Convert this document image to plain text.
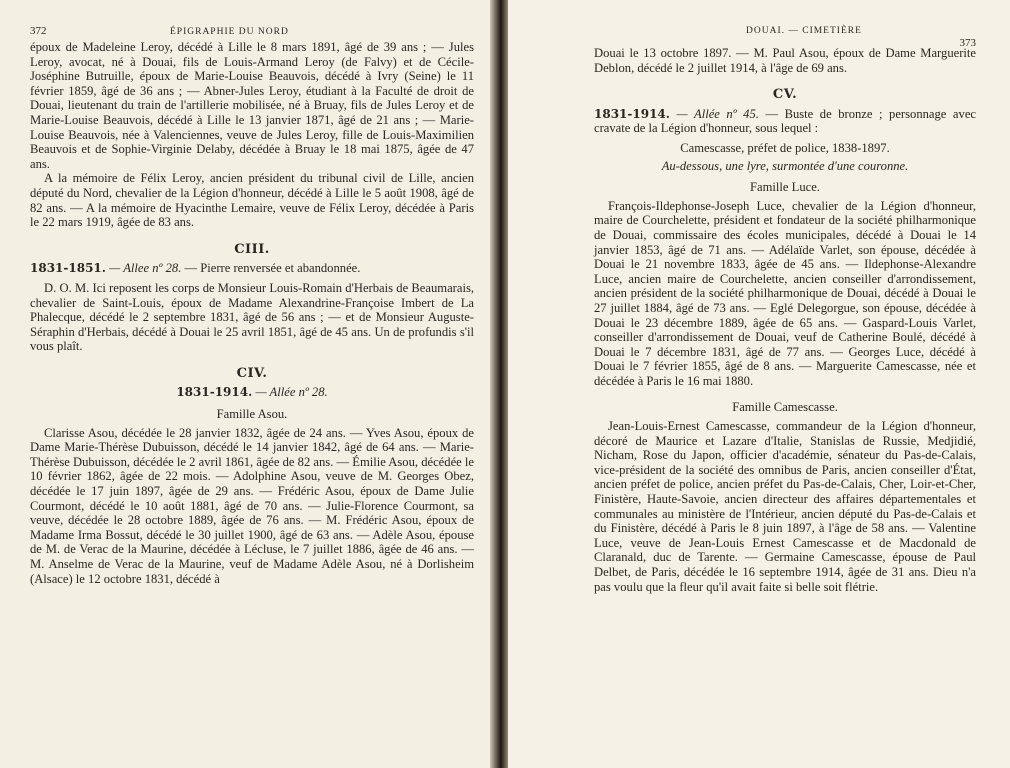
372	ÉPIGRAPHIE DU NORD

époux de Madeleine Leroy, décédé à Lille le 8 mars 1891, âgé de 39 ans ; — Jules Leroy, avocat, né à Douai, fils de Louis-Armand Leroy (de Falvy) et de Cécile-Joséphine Butruille, époux de Marie-Louise Beauvois, décédé à Ivry (Seine) le 11 février 1859, âgé de 36 ans ; — Abner-Jules Leroy, étudiant à la Faculté de droit de Douai, lieutenant du train de l'artillerie mobilisée, né à Bruay, fils de Jules Leroy et de Marie-Louise Beauvois, décédé à Lille le 13 janvier 1871, âgé de 21 ans ; — Marie-Louise Beauvois, née à Valenciennes, veuve de Jules Leroy, fille de Louis-Maximilien Beauvois et de Sophie-Virginie Delaby, décédée à Bruay le 18 mai 1875, âgée de 47 ans.

A la mémoire de Félix Leroy, ancien président du tribunal civil de Lille, ancien député du Nord, chevalier de la Légion d'honneur, décédé à Lille le 5 août 1908, âgé de 82 ans. — A la mémoire de Hyacinthe Lemaire, veuve de Félix Leroy, décédée à Paris le 22 mars 1919, âgée de 83 ans.

CIII.

1831-1851. — Allee nº 28. — Pierre renversée et abandonnée.

D. O. M. Ici reposent les corps de Monsieur Louis-Romain d'Herbais de Beaumarais, chevalier de Saint-Louis, époux de Madame Alexandrine-Françoise Imbert de La Phalecque, décédé le 2 septembre 1831, âgé de 56 ans ; — et de Monsieur Auguste-Séraphin d'Herbais, décédé à Douai le 25 avril 1851, âgé de 45 ans. Un de profundis s'il vous plaît.

CIV.

1831-1914. — Allée nº 28.

Famille Asou.

Clarisse Asou, décédée le 28 janvier 1832, âgée de 24 ans. — Yves Asou, époux de Dame Marie-Thérèse Dubuisson, décédé le 14 janvier 1842, âgé de 64 ans. — Marie-Thérèse Dubuisson, décédée le 2 avril 1861, âgée de 82 ans. — Émilie Asou, décédée le 10 février 1862, âgée de 22 mois. — Adolphine Asou, veuve de M. Georges Obez, décédée le 17 juin 1897, âgée de 29 ans. — Frédéric Asou, époux de Dame Julie Courmont, décédé le 10 août 1881, âgé de 70 ans. — Julie-Florence Courmont, sa veuve, décédée le 28 octobre 1889, âgée de 76 ans. — M. Frédéric Asou, époux de Madame Irma Bossut, décédé le 30 juillet 1900, âgé de 63 ans. — Adèle Asou, épouse de M. de Verac de la Maurine, décédée à Lécluse, le 7 juillet 1886, âgée de 46 ans. — M. Anselme de Verac de la Maurine, veuf de Madame Adèle Asou, né à Dorlisheim (Alsace) le 12 octobre 1831, décédé à

DOUAI. — CIMETIÈRE
373

Douai le 13 octobre 1897. — M. Paul Asou, époux de Dame Marguerite Deblon, décédé le 2 juillet 1914, à l'âge de 69 ans.

CV.

1831-1914. — Allée nº 45. — Buste de bronze ; personnage avec cravate de la Légion d'honneur, sous lequel :

Camescasse, préfet de police, 1838-1897.
Au-dessous, une lyre, surmontée d'une couronne.
Famille Luce.

François-Ildephonse-Joseph Luce, chevalier de la Légion d'honneur, maire de Courchelette, président et fondateur de la société philharmonique de Douai, commissaire des écoles municipales, décédé à Douai le 14 janvier 1853, âgé de 71 ans. — Adélaïde Varlet, son épouse, décédée à Douai le 21 novembre 1833, âgée de 45 ans. — Ildephonse-Alexandre Luce, ancien maire de Courchelette, ancien conseiller d'arrondissement, ancien président de la société philharmonique de Douai, décédé à Douai le 27 juillet 1884, âgé de 73 ans. — Eglé Delegorgue, son épouse, décédée à Douai le 23 décembre 1889, âgée de 65 ans. — Gaspard-Louis Varlet, conseiller d'arrondissement de Douai, veuf de Catherine Boulé, décédé à Douai le 7 décembre 1831, âgé de 77 ans. — Georges Luce, décédé à Douai le 7 février 1855, âgé de 8 ans. — Marguerite Camescasse, née et décédée à Paris le 16 mai 1880.

Famille Camescasse.

Jean-Louis-Ernest Camescasse, commandeur de la Légion d'honneur, décoré de Maurice et Lazare d'Italie, Stanislas de Russie, Medjidié, Nicham, Rose du Japon, officier d'académie, sénateur du Pas-de-Calais, vice-président de la société des omnibus de Paris, ancien conseiller d'État, ancien préfet de police, ancien préfet du Pas-de-Calais, Cher, Loir-et-Cher, Finistère, Haute-Savoie, ancien directeur des affaires départementales et communales au ministère de l'Intérieur, ancien député du Pas-de-Calais et du Finistère, décédé à Paris le 8 juin 1897, à l'âge de 58 ans. — Valentine Luce, veuve de Jean-Louis Ernest Camescasse et de Macdonald de Claranald, duc de Tarente. — Germaine Camescasse, épouse de Paul Delbet, de Paris, décédée le 16 septembre 1914, âgée de 31 ans. Dieu n'a pas voulu que la fleur qu'il avait faite si belle soit flétrie.
